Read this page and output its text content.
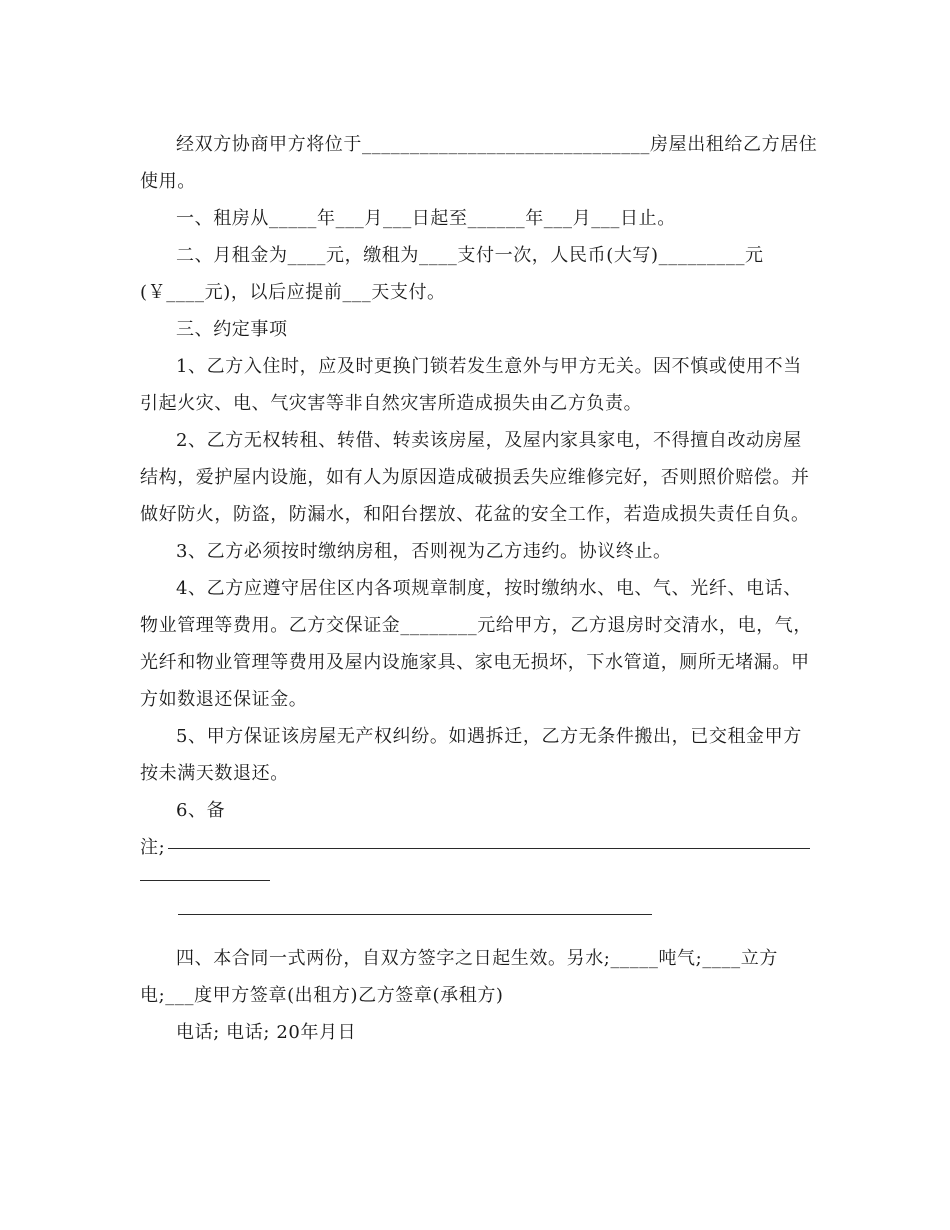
经双方协商甲方将位于______________________________房屋出租给乙方居住
使用。
一、租房从_____年___月___日起至______年___月___日止。
二、月租金为____元，缴租为____支付一次，人民币(大写)_________元
(￥____元)，以后应提前___天支付。
三、约定事项
1、乙方入住时，应及时更换门锁若发生意外与甲方无关。因不慎或使用不当
引起火灾、电、气灾害等非自然灾害所造成损失由乙方负责。
2、乙方无权转租、转借、转卖该房屋，及屋内家具家电，不得擅自改动房屋
结构，爱护屋内设施，如有人为原因造成破损丢失应维修完好，否则照价赔偿。并
做好防火，防盗，防漏水，和阳台摆放、花盆的安全工作，若造成损失责任自负。
3、乙方必须按时缴纳房租，否则视为乙方违约。协议终止。
4、乙方应遵守居住区内各项规章制度，按时缴纳水、电、气、光纤、电话、
物业管理等费用。乙方交保证金________元给甲方，乙方退房时交清水，电，气，
光纤和物业管理等费用及屋内设施家具、家电无损坏，下水管道，厕所无堵漏。甲
方如数退还保证金。
5、甲方保证该房屋无产权纠纷。如遇拆迁，乙方无条件搬出，已交租金甲方
按未满天数退还。
6、备
注;
四、本合同一式两份，自双方签字之日起生效。另水;_____吨气;____立方
电;___度甲方签章(出租方)乙方签章(承租方)
电话; 电话; 20年月日
